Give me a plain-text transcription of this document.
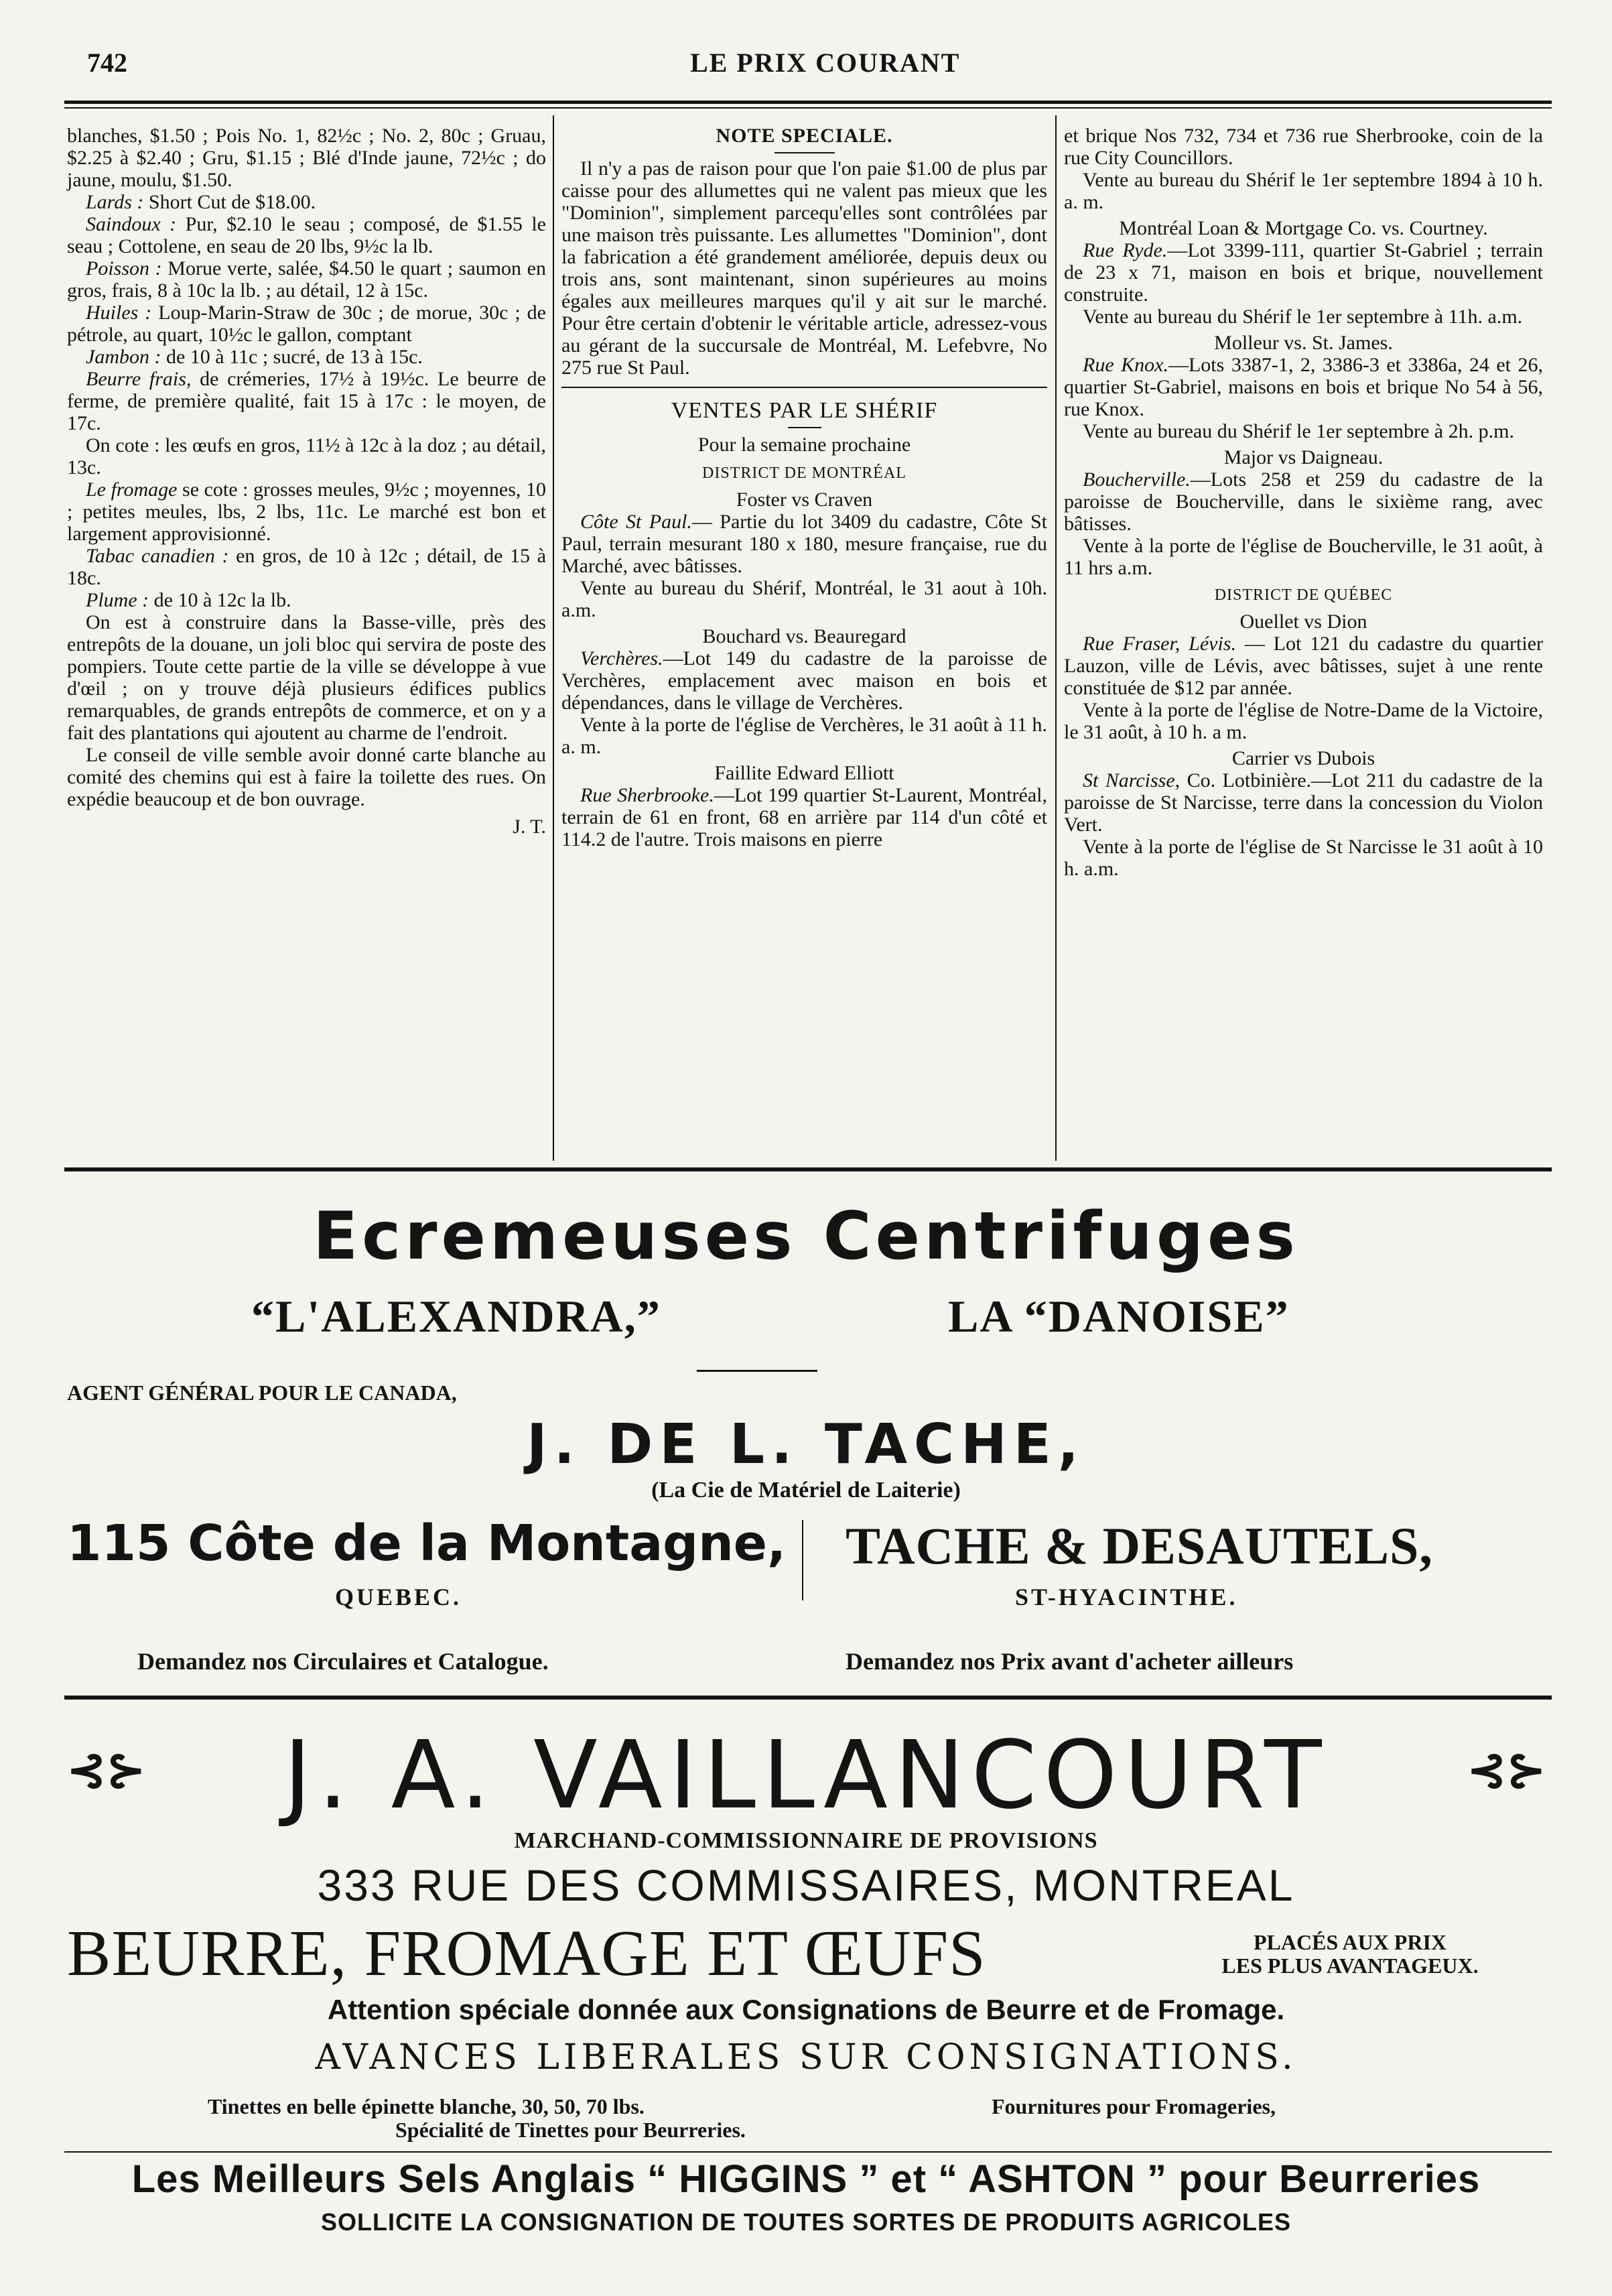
742	LE PRIX COURANT

blanches, $1.50 ; Pois No. 1, 82½c ; No. 2, 80c ; Gruau, $2.25 à $2.40 ; Gru, $1.15 ; Blé d'Inde jaune, 72½c ; do jaune, moulu, $1.50.

Lards : Short Cut de $18.00.

Saindoux : Pur, $2.10 le seau ; composé, de $1.55 le seau ; Cottolene, en seau de 20 lbs, 9½c la lb.

Poisson : Morue verte, salée, $4.50 le quart ; saumon en gros, frais, 8 à 10c la lb. ; au détail, 12 à 15c.

Huiles : Loup-Marin-Straw de 30c ; de morue, 30c ; de pétrole, au quart, 10½c le gallon, comptant

Jambon : de 10 à 11c ; sucré, de 13 à 15c.

Beurre frais, de crémeries, 17½ à 19½c. Le beurre de ferme, de première qualité, fait 15 à 17c : le moyen, de 17c.

On cote : les œufs en gros, 11½ à 12c à la doz ; au détail, 13c.

Le fromage se cote : grosses meules, 9½c ; moyennes, 10 ; petites meules, lbs, 2 lbs, 11c. Le marché est bon et largement approvisionné.

Tabac canadien : en gros, de 10 à 12c ; détail, de 15 à 18c.

Plume : de 10 à 12c la lb.

On est à construire dans la Basse-ville, près des entrepôts de la douane, un joli bloc qui servira de poste des pompiers. Toute cette partie de la ville se développe à vue d'œil ; on y trouve déjà plusieurs édifices publics remarquables, de grands entrepôts de commerce, et on y a fait des plantations qui ajoutent au charme de l'endroit.

Le conseil de ville semble avoir donné carte blanche au comité des chemins qui est à faire la toilette des rues. On expédie beaucoup et de bon ouvrage.

J. T.

NOTE SPECIALE.

Il n'y a pas de raison pour que l'on paie $1.00 de plus par caisse pour des allumettes qui ne valent pas mieux que les "Dominion", simplement parcequ'elles sont contrôlées par une maison très puissante. Les allumettes "Dominion", dont la fabrication a été grandement améliorée, depuis deux ou trois ans, sont maintenant, sinon supérieures au moins égales aux meilleures marques qu'il y ait sur le marché. Pour être certain d'obtenir le véritable article, adressez-vous au gérant de la succursale de Montréal, M. Lefebvre, No 275 rue St Paul.

VENTES PAR LE SHÉRIF

Pour la semaine prochaine

DISTRICT DE MONTRÉAL

Foster vs Craven

Côte St Paul.— Partie du lot 3409 du cadastre, Côte St Paul, terrain mesurant 180 x 180, mesure française, rue du Marché, avec bâtisses.

Vente au bureau du Shérif, Montréal, le 31 aout à 10h. a.m.

Bouchard vs. Beauregard

Verchères.—Lot 149 du cadastre de la paroisse de Verchères, emplacement avec maison en bois et dépendances, dans le village de Verchères.

Vente à la porte de l'église de Verchères, le 31 août à 11 h. a. m.

Faillite Edward Elliott

Rue Sherbrooke.—Lot 199 quartier St-Laurent, Montréal, terrain de 61 en front, 68 en arrière par 114 d'un côté et 114.2 de l'autre. Trois maisons en pierre

et brique Nos 732, 734 et 736 rue Sherbrooke, coin de la rue City Councillors.

Vente au bureau du Shérif le 1er septembre 1894 à 10 h. a. m.

Montréal Loan & Mortgage Co. vs. Courtney.

Rue Ryde.—Lot 3399-111, quartier St-Gabriel ; terrain de 23 x 71, maison en bois et brique, nouvellement construite.

Vente au bureau du Shérif le 1er septembre à 11h. a.m.

Molleur vs. St. James.

Rue Knox.—Lots 3387-1, 2, 3386-3 et 3386a, 24 et 26, quartier St-Gabriel, maisons en bois et brique No 54 à 56, rue Knox.

Vente au bureau du Shérif le 1er septembre à 2h. p.m.

Major vs Daigneau.

Boucherville.—Lots 258 et 259 du cadastre de la paroisse de Boucherville, dans le sixième rang, avec bâtisses.

Vente à la porte de l'église de Boucherville, le 31 août, à 11 hrs a.m.

DISTRICT DE QUÉBEC

Ouellet vs Dion

Rue Fraser, Lévis. — Lot 121 du cadastre du quartier Lauzon, ville de Lévis, avec bâtisses, sujet à une rente constituée de $12 par année.

Vente à la porte de l'église de Notre-Dame de la Victoire, le 31 août, à 10 h. a m.

Carrier vs Dubois

St Narcisse, Co. Lotbinière.—Lot 211 du cadastre de la paroisse de St Narcisse, terre dans la concession du Violon Vert.

Vente à la porte de l'église de St Narcisse le 31 août à 10 h. a.m.

Ecremeuses Centrifuges
“L'ALEXANDRA,”	LA “DANOISE”
AGENT GÉNÉRAL POUR LE CANADA,
J. DE L. TACHE,
(La Cie de Matériel de Laiterie)
115 Côte de la Montagne, TACHE & DESAUTELS,
QUEBEC.	ST-HYACINTHE.
Demandez nos Circulaires et Catalogue.	Demandez nos Prix avant d'acheter ailleurs
⊰⊱	⊰⊱
J. A. VAILLANCOURT
MARCHAND-COMMISSIONNAIRE DE PROVISIONS
333 RUE DES COMMISSAIRES, MONTREAL
BEURRE, FROMAGE ET ŒUFS	PLACÉS AUX PRIX
LES PLUS AVANTAGEUX.
Attention spéciale donnée aux Consignations de Beurre et de Fromage.
AVANCES LIBERALES SUR CONSIGNATIONS.
Tinettes en belle épinette blanche, 30, 50, 70 lbs.	Fournitures pour Fromageries,
Spécialité de Tinettes pour Beurreries.
Les Meilleurs Sels Anglais “ HIGGINS ” et “ ASHTON ” pour Beurreries
SOLLICITE LA CONSIGNATION DE TOUTES SORTES DE PRODUITS AGRICOLES
